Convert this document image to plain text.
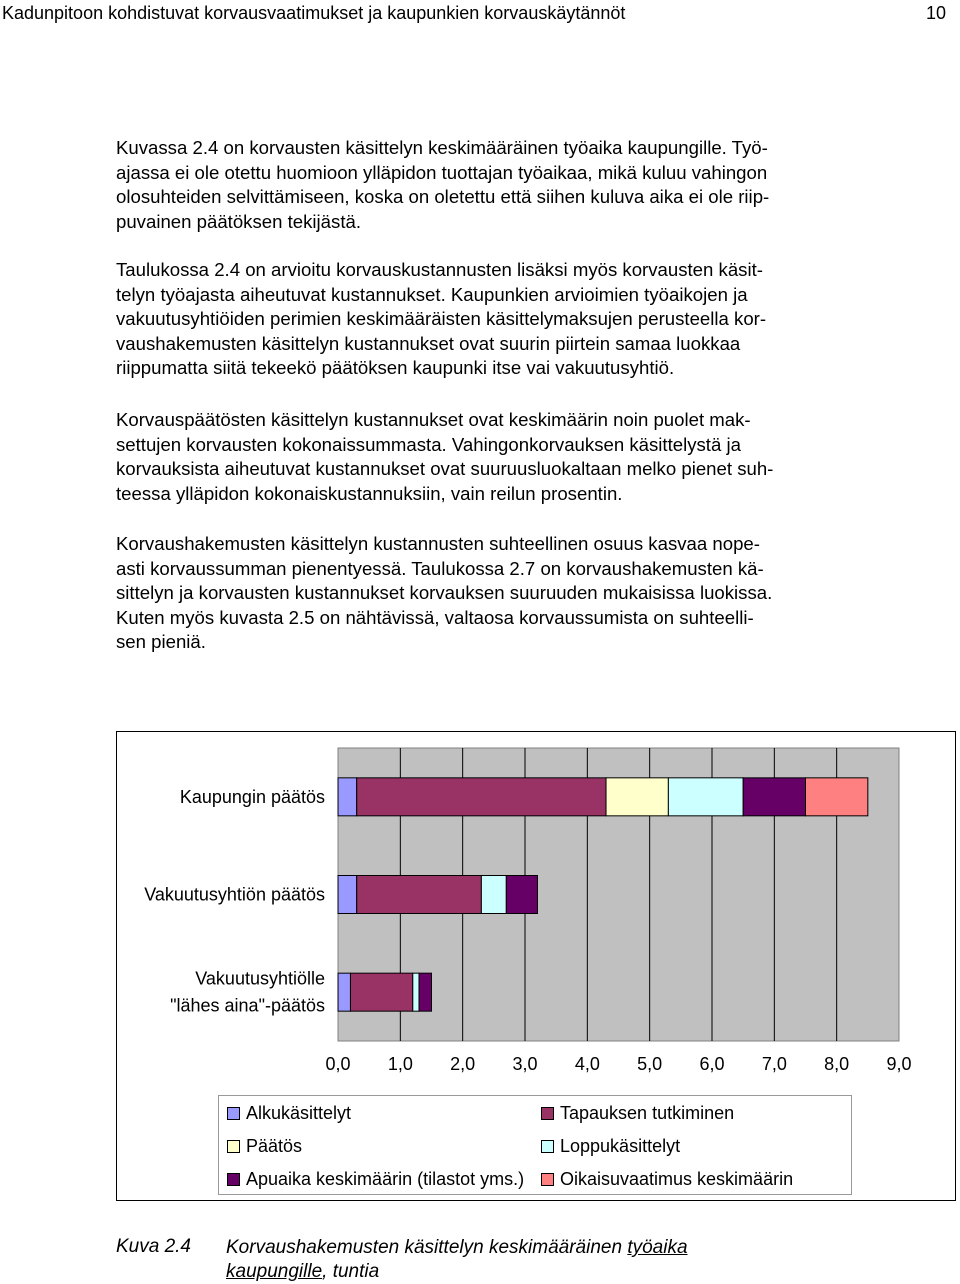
Kadunpitoon kohdistuvat korvausvaatimukset ja kaupunkien korvauskäytännöt	10
Kuvassa 2.4 on korvausten käsittelyn keskimääräinen työaika kaupungille. Työ-
ajassa ei ole otettu huomioon ylläpidon tuottajan työaikaa, mikä kuluu vahingon
olosuhteiden selvittämiseen, koska on oletettu että siihen kuluva aika ei ole riip-
puvainen päätöksen tekijästä.
Taulukossa 2.4 on arvioitu korvauskustannusten lisäksi myös korvausten käsit-
telyn työajasta aiheutuvat kustannukset. Kaupunkien arvioimien työaikojen ja
vakuutusyhtiöiden perimien keskimääräisten käsittelymaksujen perusteella kor-
vaushakemusten käsittelyn kustannukset ovat suurin piirtein samaa luokkaa
riippumatta siitä tekeekö päätöksen kaupunki itse vai vakuutusyhtiö.
Korvauspäätösten käsittelyn kustannukset ovat keskimäärin noin puolet mak-
settujen korvausten kokonaissummasta. Vahingonkorvauksen käsittelystä ja
korvauksista aiheutuvat kustannukset ovat suuruusluokaltaan melko pienet suh-
teessa ylläpidon kokonaiskustannuksiin, vain reilun prosentin.
Korvaushakemusten käsittelyn kustannusten suhteellinen osuus kasvaa nope-
asti korvaussumman pienentyessä. Taulukossa 2.7 on korvaushakemusten kä-
sittelyn ja korvausten kustannukset korvauksen suuruuden mukaisissa luokissa.
Kuten myös kuvasta 2.5 on nähtävissä, valtaosa korvaussumista on suhteelli-
sen pieniä.
0,0 1,0 2,0 3,0 4,0 5,0 6,0 7,0 8,0 9,0
Kaupungin päätös
Vakuutusyhtiön päätös
Vakuutusyhtiölle
"lähes aina"-päätös
Alkukäsittelyt	Tapauksen tutkiminen
Päätös	Loppukäsittelyt
Apuaika keskimäärin (tilastot yms.)	Oikaisuvaatimus keskimäärin
Kuva 2.4 Korvaushakemusten käsittelyn keskimääräinen työaika
kaupungille, tuntia
